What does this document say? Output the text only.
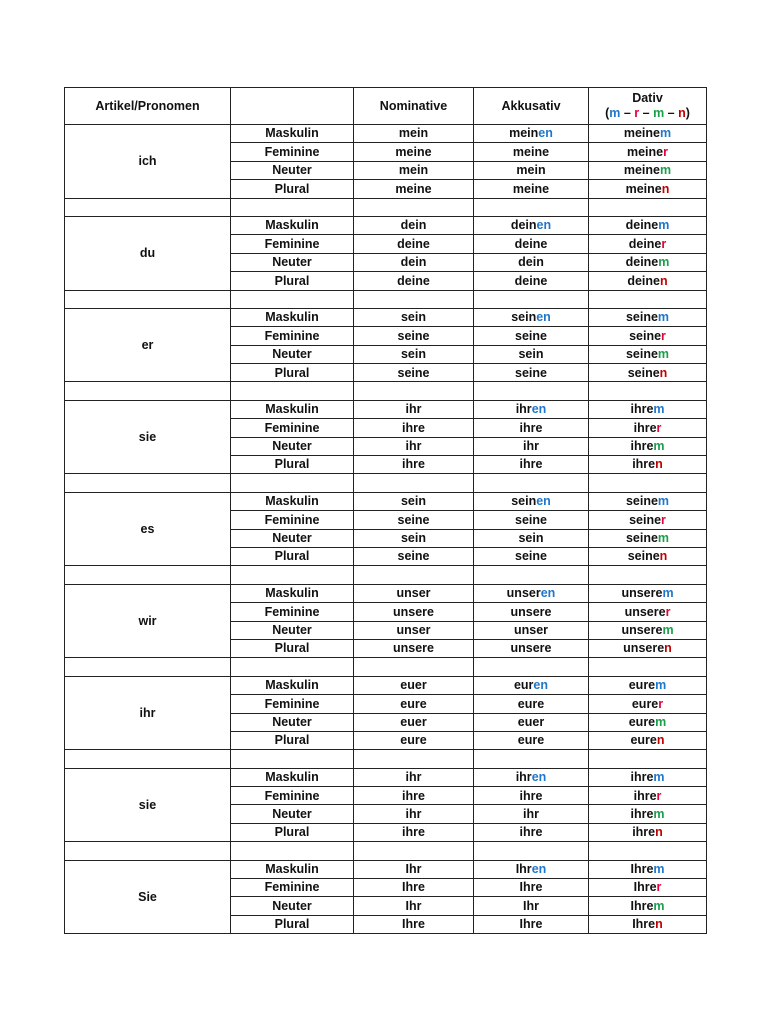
Artikel/Pronomen		Nominative	Akkusativ	Dativ
(m – r – m – n)

ich	Maskulin	mein	meinen	meinem
	Feminine	meine	meine	meiner
	Neuter	mein	mein	meinem
	Plural	meine	meine	meinen

du	Maskulin	dein	deinen	deinem
	Feminine	deine	deine	deiner
	Neuter	dein	dein	deinem
	Plural	deine	deine	deinen

er	Maskulin	sein	seinen	seinem
	Feminine	seine	seine	seiner
	Neuter	sein	sein	seinem
	Plural	seine	seine	seinen

sie	Maskulin	ihr	ihren	ihrem
	Feminine	ihre	ihre	ihrer
	Neuter	ihr	ihr	ihrem
	Plural	ihre	ihre	ihren

es	Maskulin	sein	seinen	seinem
	Feminine	seine	seine	seiner
	Neuter	sein	sein	seinem
	Plural	seine	seine	seinen

wir	Maskulin	unser	unseren	unserem
	Feminine	unsere	unsere	unserer
	Neuter	unser	unser	unserem
	Plural	unsere	unsere	unseren

ihr	Maskulin	euer	euren	eurem
	Feminine	eure	eure	eurer
	Neuter	euer	euer	eurem
	Plural	eure	eure	euren

sie	Maskulin	ihr	ihren	ihrem
	Feminine	ihre	ihre	ihrer
	Neuter	ihr	ihr	ihrem
	Plural	ihre	ihre	ihren

Sie	Maskulin	Ihr	Ihren	Ihrem
	Feminine	Ihre	Ihre	Ihrer
	Neuter	Ihr	Ihr	Ihrem
	Plural	Ihre	Ihre	Ihren
